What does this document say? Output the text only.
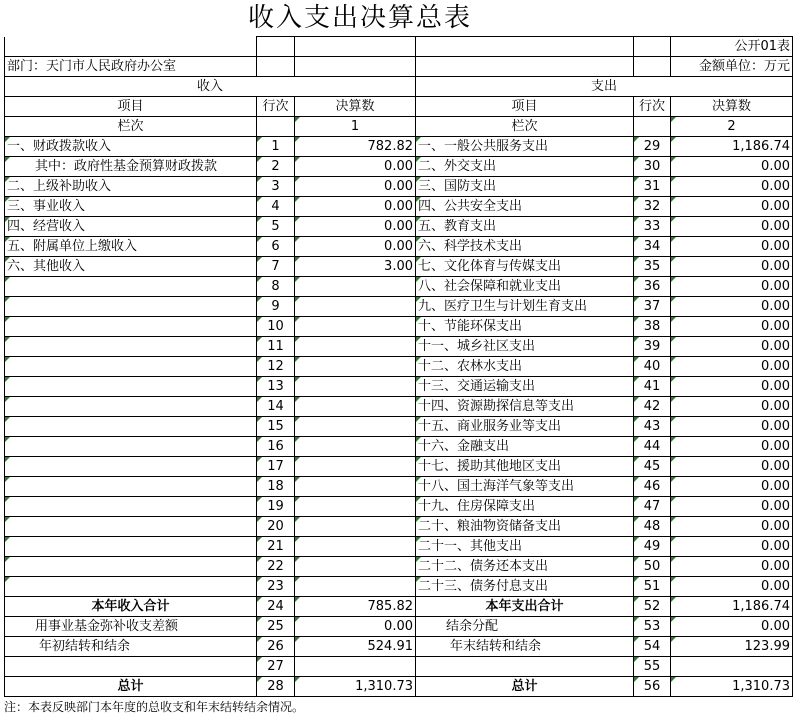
收入支出决算总表
					公开01表
部门：天门市人民政府办公室					金额单位：万元
收入			支出		
项目	行次	决算数	项目	行次	决算数
栏次		1	栏次		2
一、财政拨款收入	1	782.82	一、一般公共服务支出	29	1,186.74
其中：政府性基金预算财政拨款	2	0.00	二、外交支出	30	0.00
二、上级补助收入	3	0.00	三、国防支出	31	0.00
三、事业收入	4	0.00	四、公共安全支出	32	0.00
四、经营收入	5	0.00	五、教育支出	33	0.00
五、附属单位上缴收入	6	0.00	六、科学技术支出	34	0.00
六、其他收入	7	3.00	七、文化体育与传媒支出	35	0.00
	8		八、社会保障和就业支出	36	0.00
	9		九、医疗卫生与计划生育支出	37	0.00
	10		十、节能环保支出	38	0.00
	11		十一、城乡社区支出	39	0.00
	12		十二、农林水支出	40	0.00
	13		十三、交通运输支出	41	0.00
	14		十四、资源勘探信息等支出	42	0.00
	15		十五、商业服务业等支出	43	0.00
	16		十六、金融支出	44	0.00
	17		十七、援助其他地区支出	45	0.00
	18		十八、国土海洋气象等支出	46	0.00
	19		十九、住房保障支出	47	0.00
	20		二十、粮油物资储备支出	48	0.00
	21		二十一、其他支出	49	0.00
	22		二十二、债务还本支出	50	0.00
	23		二十三、债务付息支出	51	0.00
本年收入合计	24	785.82	本年支出合计	52	1,186.74
用事业基金弥补收支差额	25	0.00	结余分配	53	0.00
年初结转和结余	26	524.91	年末结转和结余	54	123.99
	27			55	
总计	28	1,310.73	总计	56	1,310.73
注：本表反映部门本年度的总收支和年末结转结余情况。
